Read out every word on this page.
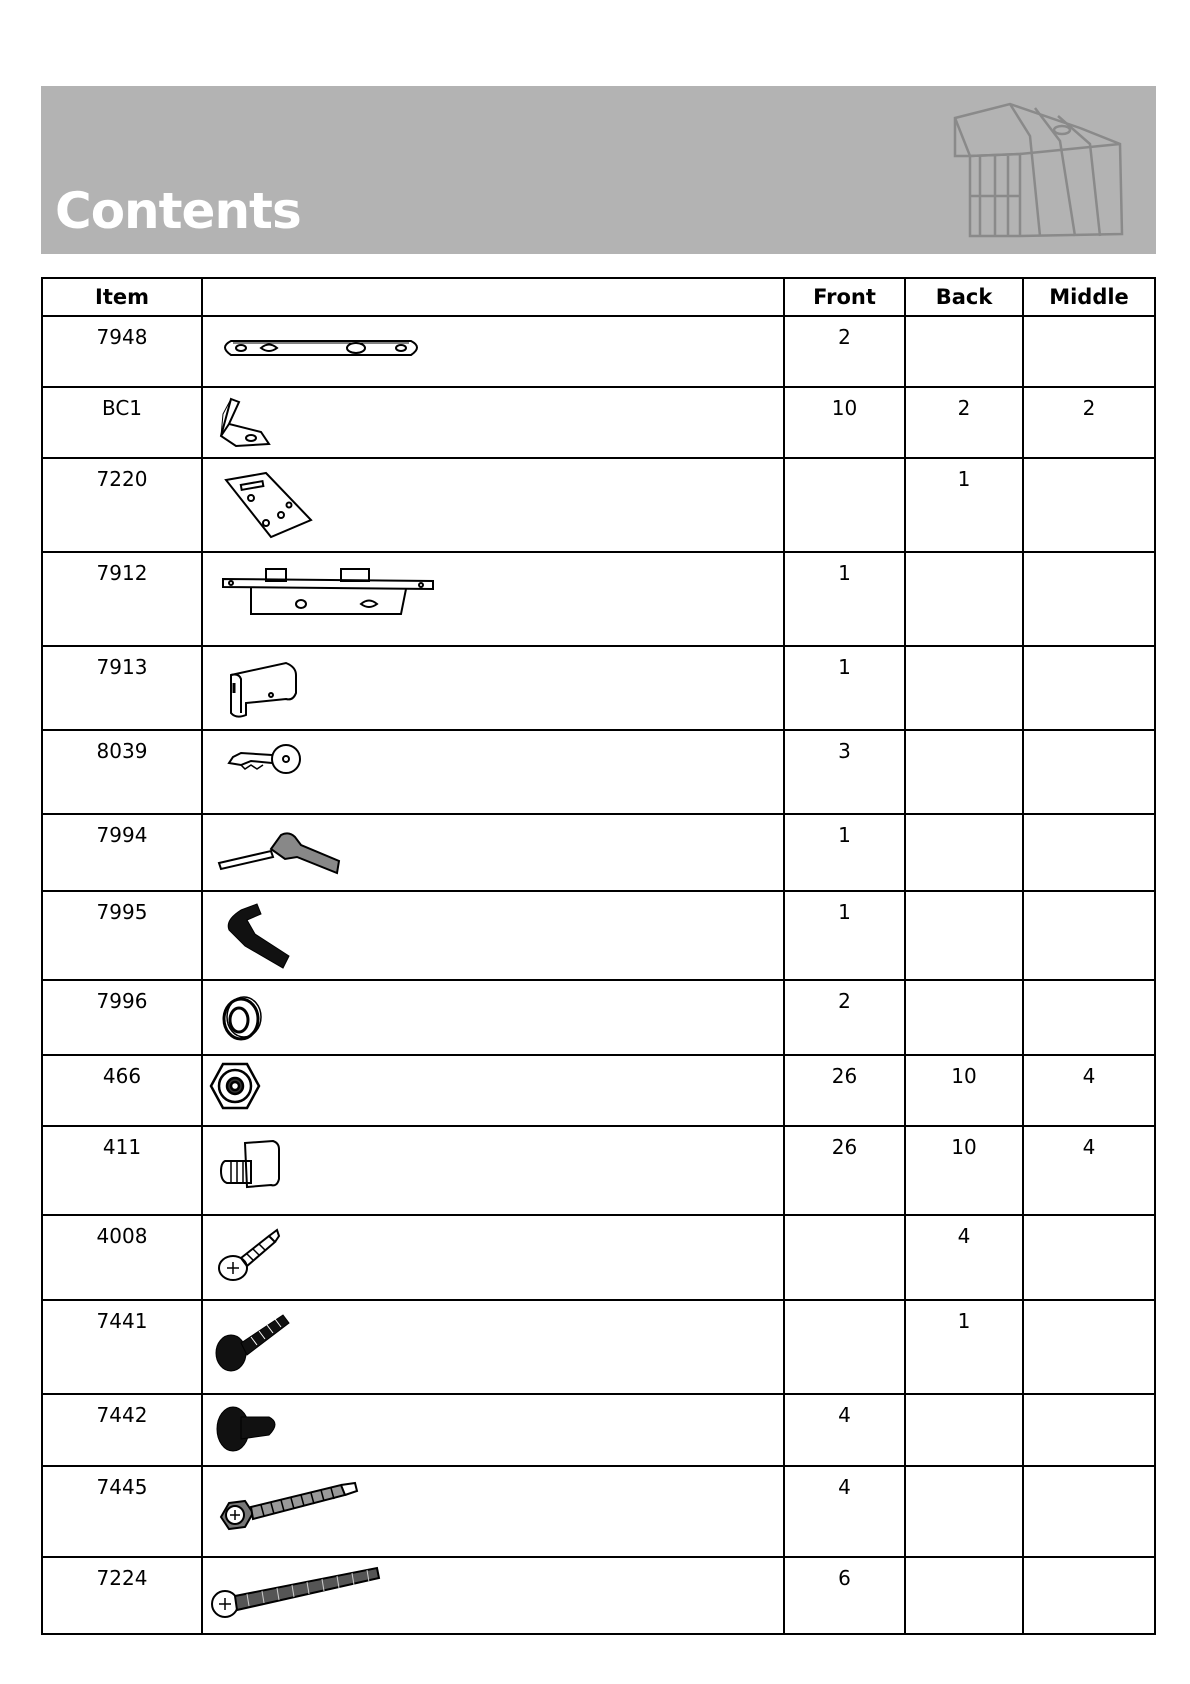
Contents
Item		Front	Back	Middle
7948		2		
BC1		10	2	2
7220			1	
7912		1		
7913		1		
8039		3		
7994		1		
7995		1		
7996		2		
466		26	10	4
411		26	10	4
4008			4	
7441			1	
7442		4		
7445		4		
7224		6		
